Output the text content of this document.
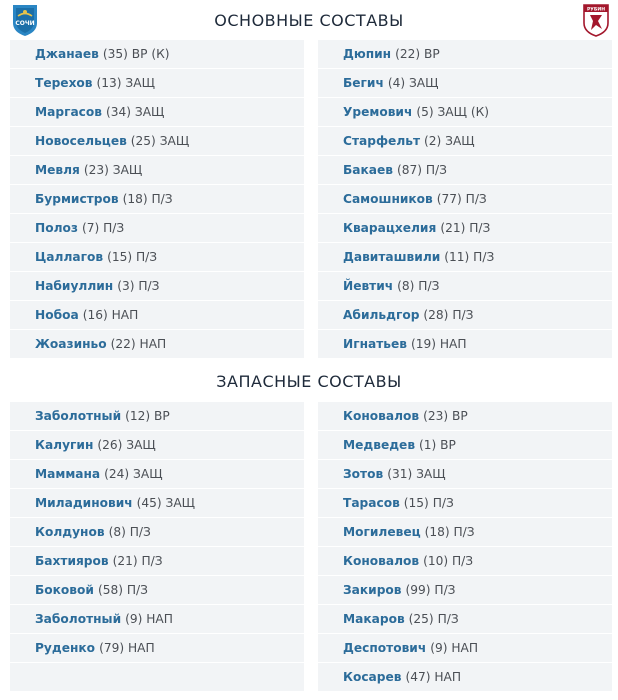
СОЧИ	ОСНОВНЫЕ СОСТАВЫ
РУБИН
Джанаев (35) ВР (К)
Терехов (13) ЗАЩ
Маргасов (34) ЗАЩ
Новосельцев (25) ЗАЩ
Мевля (23) ЗАЩ
Бурмистров (18) П/З
Полоз (7) П/З
Цаллагов (15) П/З
Набиуллин (3) П/З
Нобоа (16) НАП
Жоазиньо (22) НАП
Дюпин (22) ВР
Бегич (4) ЗАЩ
Уремович (5) ЗАЩ (К)
Старфельт (2) ЗАЩ
Бакаев (87) П/З
Самошников (77) П/З
Кварацхелия (21) П/З
Давиташвили (11) П/З
Йевтич (8) П/З
Абильдгор (28) П/З
Игнатьев (19) НАП
ЗАПАСНЫЕ СОСТАВЫ
Заболотный (12) ВР
Калугин (26) ЗАЩ
Маммана (24) ЗАЩ
Миладинович (45) ЗАЩ
Колдунов (8) П/З
Бахтияров (21) П/З
Боковой (58) П/З
Заболотный (9) НАП
Руденко (79) НАП
Коновалов (23) ВР
Медведев (1) ВР
Зотов (31) ЗАЩ
Тарасов (15) П/З
Могилевец (18) П/З
Коновалов (10) П/З
Закиров (99) П/З
Макаров (25) П/З
Деспотович (9) НАП
Косарев (47) НАП
